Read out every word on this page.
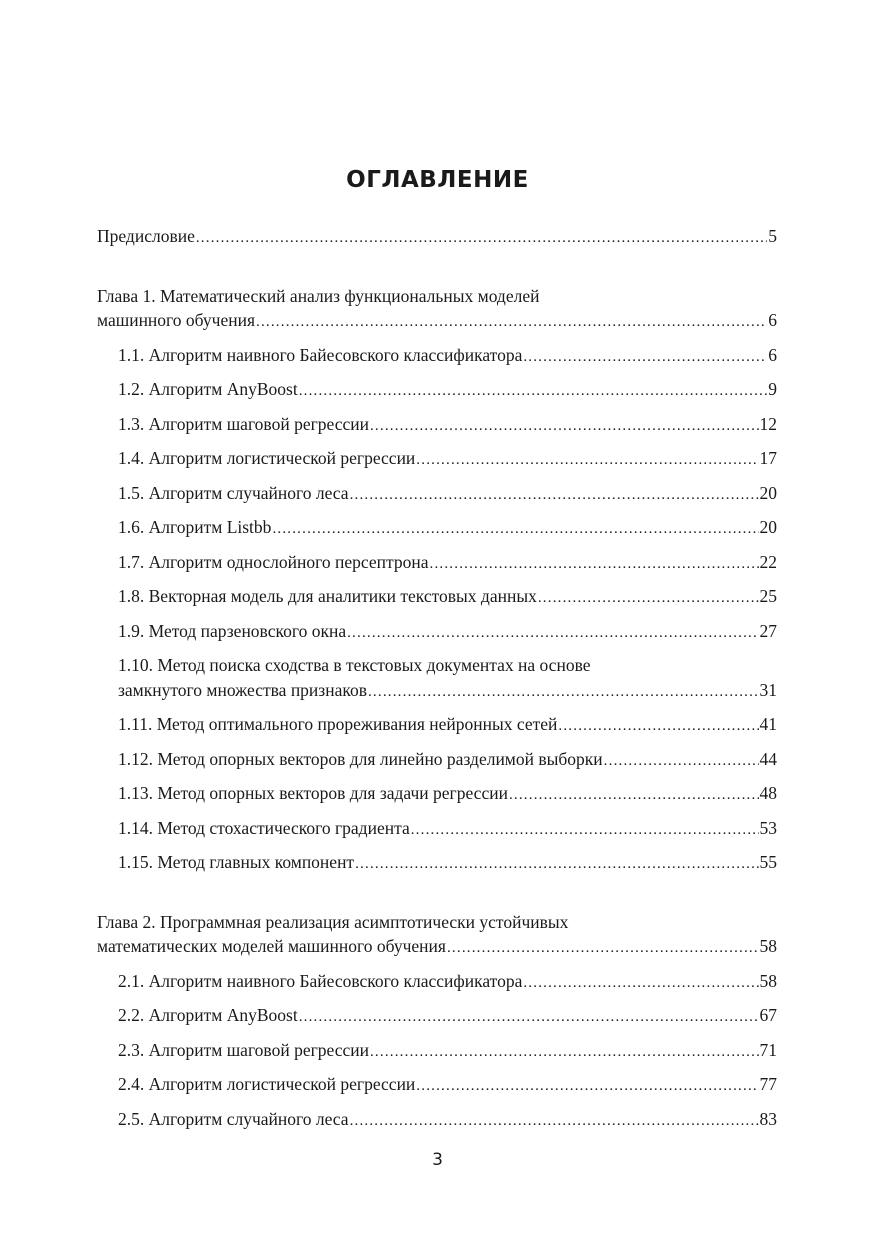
ОГЛАВЛЕНИЕ
Предисловие .....	5
Глава 1. Математический анализ функциональных моделей
машинного обучения .....	6
1.1. Алгоритм наивного Байесовского классификатора .....	6
1.2. Алгоритм AnyBoost .....	9
1.3. Алгоритм шаговой регрессии .....	12
1.4. Алгоритм логистической регрессии .....	17
1.5. Алгоритм случайного леса .....	20
1.6. Алгоритм Listbb .....	20
1.7. Алгоритм однослойного персептрона .....	22
1.8. Векторная модель для аналитики текстовых данных .....	25
1.9. Метод парзеновского окна .....	27
1.10. Метод поиска сходства в текстовых документах на основе
замкнутого множества признаков .....	31
1.11. Метод оптимального прореживания нейронных сетей .....	41
1.12. Метод опорных векторов для линейно разделимой выборки .....	44
1.13. Метод опорных векторов для задачи регрессии .....	48
1.14. Метод стохастического градиента .....	53
1.15. Метод главных компонент .....	55
Глава 2. Программная реализация асимптотически устойчивых
математических моделей машинного обучения .....	58
2.1. Алгоритм наивного Байесовского классификатора .....	58
2.2. Алгоритм AnyBoost .....	67
2.3. Алгоритм шаговой регрессии .....	71
2.4. Алгоритм логистической регрессии .....	77
2.5. Алгоритм случайного леса .....	83
3
